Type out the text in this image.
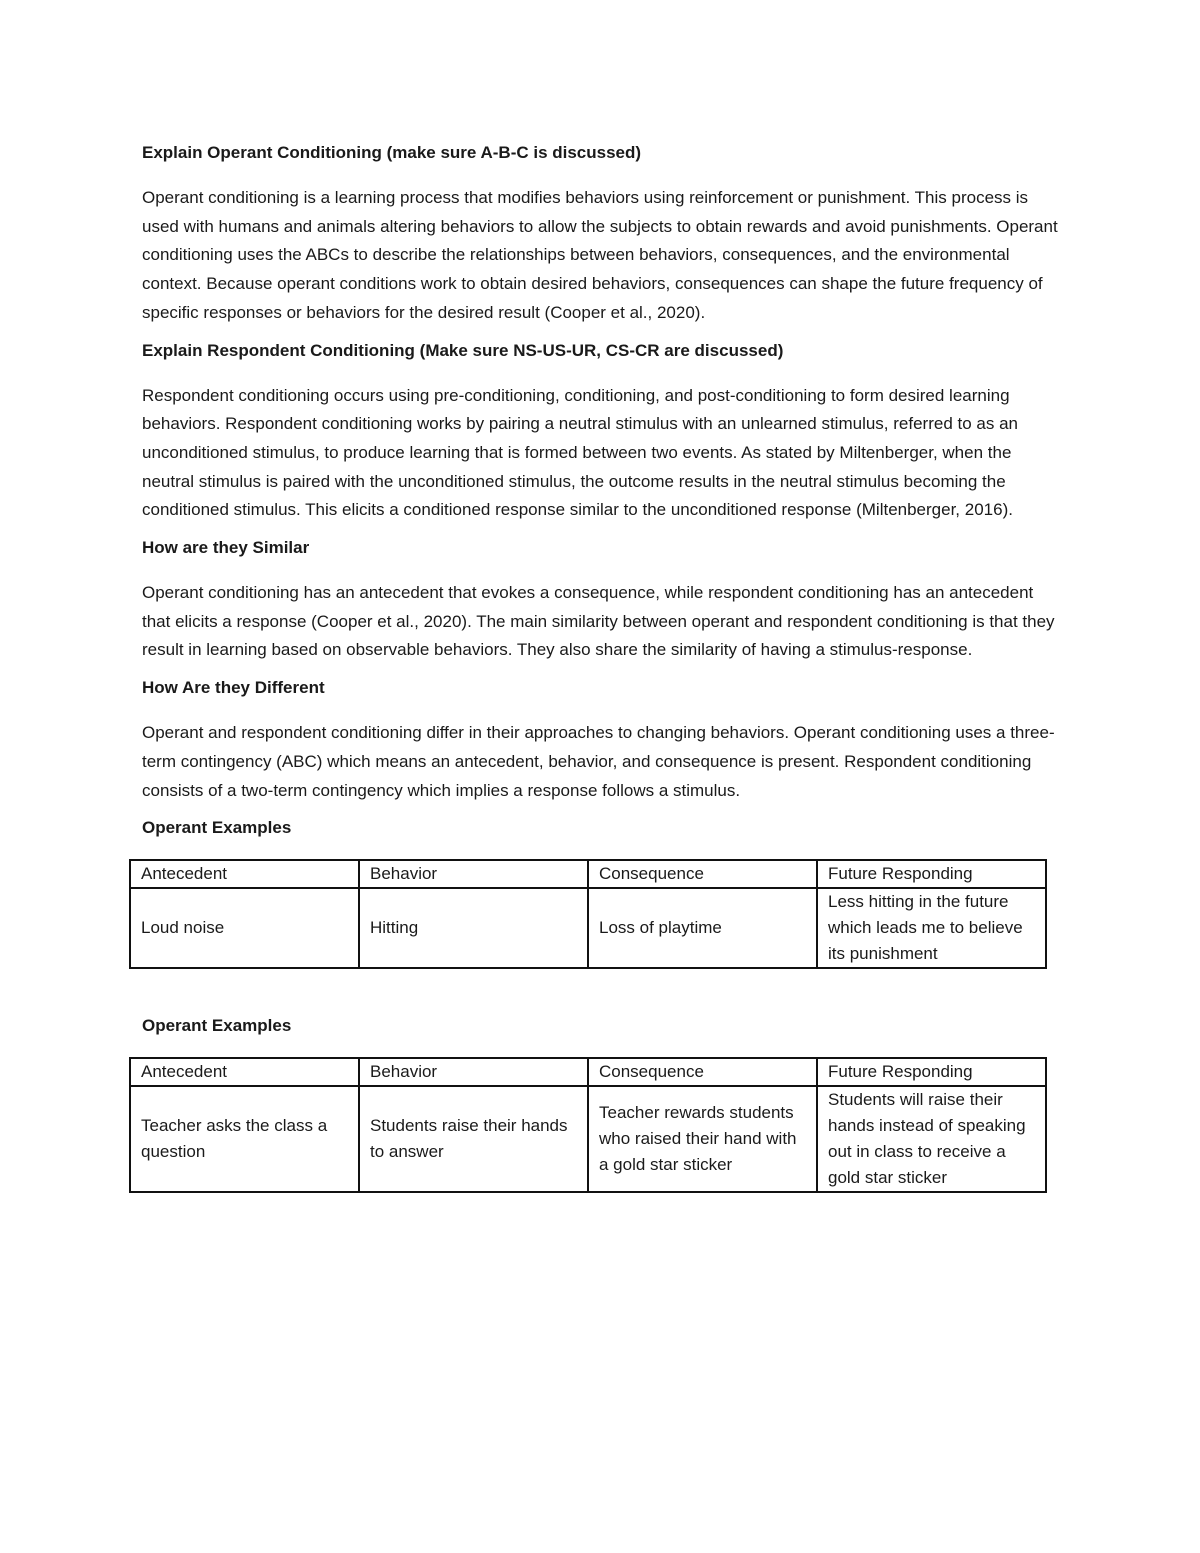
Explain Operant Conditioning (make sure A-B-C is discussed)

Operant conditioning is a learning process that modifies behaviors using reinforcement or punishment. This process is used with humans and animals altering behaviors to allow the subjects to obtain rewards and avoid punishments. Operant conditioning uses the ABCs to describe the relationships between behaviors, consequences, and the environmental context. Because operant conditions work to obtain desired behaviors, consequences can shape the future frequency of specific responses or behaviors for the desired result (Cooper et al., 2020).

Explain Respondent Conditioning (Make sure NS-US-UR, CS-CR are discussed)

Respondent conditioning occurs using pre-conditioning, conditioning, and post-conditioning to form desired learning behaviors. Respondent conditioning works by pairing a neutral stimulus with an unlearned stimulus, referred to as an unconditioned stimulus, to produce learning that is formed between two events. As stated by Miltenberger, when the neutral stimulus is paired with the unconditioned stimulus, the outcome results in the neutral stimulus becoming the conditioned stimulus. This elicits a conditioned response similar to the unconditioned response (Miltenberger, 2016).

How are they Similar

Operant conditioning has an antecedent that evokes a consequence, while respondent conditioning has an antecedent that elicits a response (Cooper et al., 2020). The main similarity between operant and respondent conditioning is that they result in learning based on observable behaviors. They also share the similarity of having a stimulus-response.

How Are they Different

Operant and respondent conditioning differ in their approaches to changing behaviors. Operant conditioning uses a three-term contingency (ABC) which means an antecedent, behavior, and consequence is present. Respondent conditioning consists of a two-term contingency which implies a response follows a stimulus.

Operant Examples

Antecedent	Behavior	Consequence	Future Responding
Loud noise	Hitting	Loss of playtime	Less hitting in the future which leads me to believe its punishment

Operant Examples

Antecedent	Behavior	Consequence	Future Responding
Teacher asks the class a question	Students raise their hands to answer	Teacher rewards students who raised their hand with a gold star sticker	Students will raise their hands instead of speaking out in class to receive a gold star sticker
